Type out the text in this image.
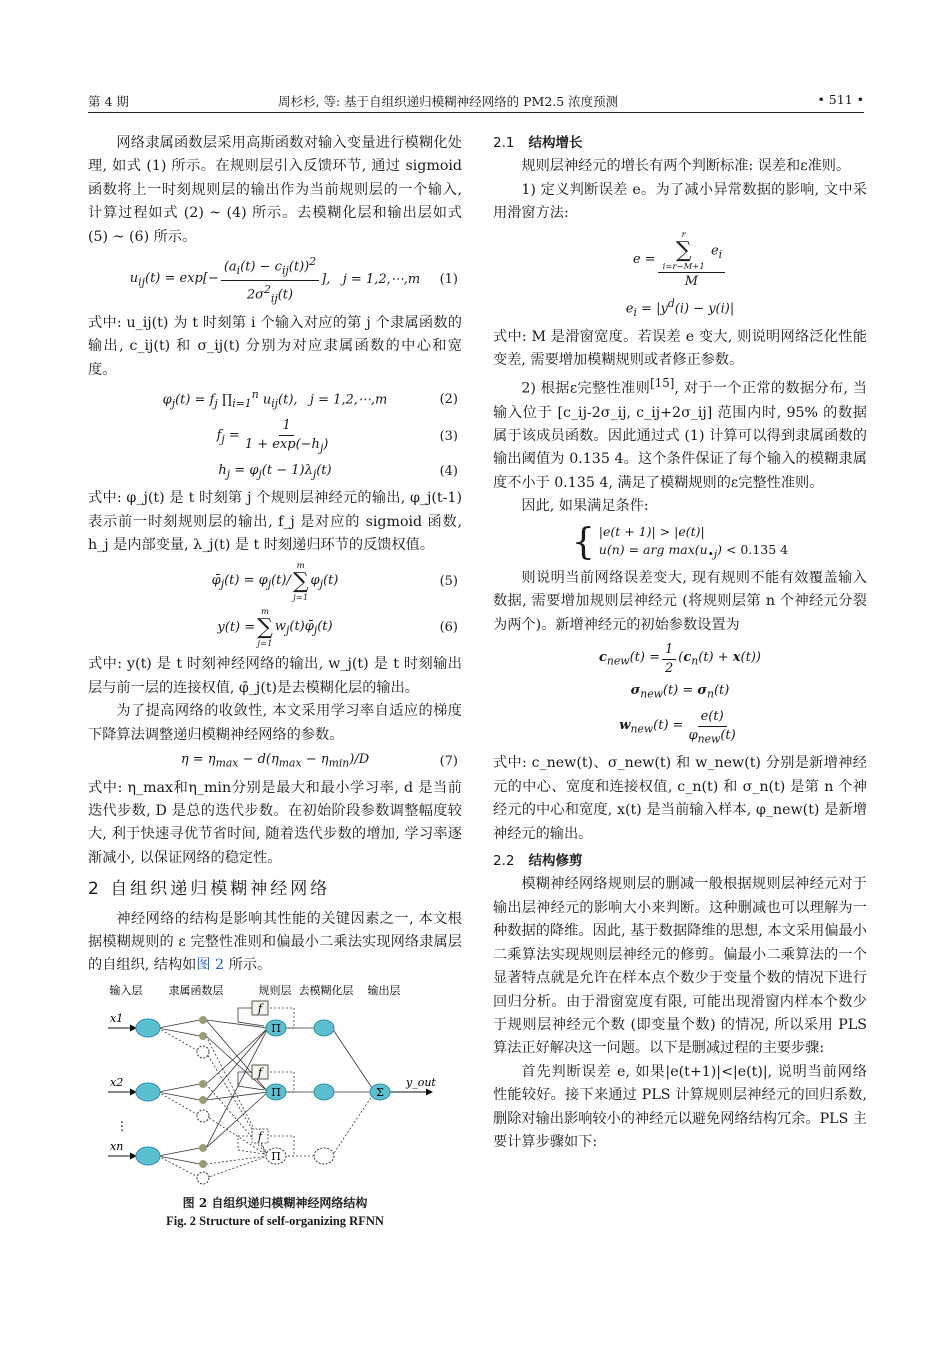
第 4 期	周杉杉, 等: 基于自组织递归模糊神经网络的 PM2.5 浓度预测	• 511 •

网络隶属函数层采用高斯函数对输入变量进行模糊化处理, 如式 (1) 所示。在规则层引入反馈环节, 通过 sigmoid 函数将上一时刻规则层的输出作为当前规则层的一个输入, 计算过程如式 (2) ~ (4) 所示。去模糊化层和输出层如式 (5) ~ (6) 所示。

$u_{ij}(t) = \exp[- \frac{(a_i(t) - c_{ij}(t))^2}{2\sigma^2_{ij}(t)}$ ],   j = 1,2,⋯,m (1)

式中: u_ij(t) 为 t 时刻第 i 个输入对应的第 j 个隶属函数的输出, c_ij(t) 和 σ_ij(t) 分别为对应隶属函数的中心和宽度。

$\varphi_j(t) = f_j$ $\prod_{i=1}^n$ $u_{ij}(t)$,   j = 1,2,⋯,m	(2)
$f_j = \frac{1}{1 + \exp(-h_j)}$	(3)
$h_j = \varphi_j(t - 1)\lambda_j(t)$	(4)

式中: φ_j(t) 是 t 时刻第 j 个规则层神经元的输出, φ_j(t-1) 表示前一时刻规则层的输出, f_j 是对应的 sigmoid 函数, h_j 是内部变量, λ_j(t) 是 t 时刻递归环节的反馈权值。

$\varphī_j(t) = \varphi_j(t)/$
m
∑
j=1
$\varphi_j(t)$	(5)
y(t) =
m
∑
j=1
$w_j(t)\varphī_j(t)$	(6)

式中: y(t) 是 t 时刻神经网络的输出, w_j(t) 是 t 时刻输出层与前一层的连接权值, φ̄_j(t)是去模糊化层的输出。

为了提高网络的收敛性, 本文采用学习率自适应的梯度下降算法调整递归模糊神经网络的参数。

$\eta = \eta_{max} - d(\eta_{max} - \eta_{min})/D$	(7)

式中: η_max和η_min分别是最大和最小学习率, d 是当前迭代步数, D 是总的迭代步数。在初始阶段参数调整幅度较大, 利于快速寻优节省时间, 随着迭代步数的增加, 学习率逐渐减小, 以保证网络的稳定性。

2 自组织递归模糊神经网络

神经网络的结构是影响其性能的关键因素之一, 本文根据模糊规则的 ε 完整性准则和偏最小二乘法实现网络隶属层的自组织, 结构如图 2 所示。

输入层 隶属函数层	规则层 去模糊化层 输出层
x1
x2
xn
⋮
y_out
f
f
f
Π
Π
Π
Σ
图 2 自组织递归模糊神经网络结构
Fig. 2 Structure of self-organizing RFNN
2.1 结构增长

规则层神经元的增长有两个判断标准: 误差和ε准则。

1) 定义判断误差 e。为了减小异常数据的影响, 文中采用滑窗方法:

e = r
∑
i=r−M+1
$e_i$
M
$e_i = |y^d(i) - y(i)|$

式中: M 是滑窗宽度。若误差 e 变大, 则说明网络泛化性能变差, 需要增加模糊规则或者修正参数。

2) 根据ε完整性准则[15], 对于一个正常的数据分布, 当输入位于 [c_ij-2σ_ij, c_ij+2σ_ij] 范围内时, 95% 的数据属于该成员函数。因此通过式 (1) 计算可以得到隶属函数的输出阈值为 0.135 4。这个条件保证了每个输入的模糊隶属度不小于 0.135 4, 满足了模糊规则的ε完整性准则。

因此, 如果满足条件:

{ |e(t + 1)| > |e(t)|
u(n) = arg $\max(u_{•j}) < 0.135$ 4

则说明当前网络误差变大, 现有规则不能有效覆盖输入数据, 需要增加规则层神经元 (将规则层第 n 个神经元分裂为两个)。新增神经元的初始参数设置为

$c_{new}(t) = \frac{1}{2} (c_n(t) + x(t))$
$\sigma_{new}(t) = \sigma_n(t)$
$w_{new}(t) = \frac{e(t)}{\varphi_{new}(t)}$

式中: c_new(t)、σ_new(t) 和 w_new(t) 分别是新增神经元的中心、宽度和连接权值, c_n(t) 和 σ_n(t) 是第 n 个神经元的中心和宽度, x(t) 是当前输入样本, φ_new(t) 是新增神经元的输出。

2.2 结构修剪

模糊神经网络规则层的删减一般根据规则层神经元对于输出层神经元的影响大小来判断。这种删减也可以理解为一种数据的降维。因此, 基于数据降维的思想, 本文采用偏最小二乘算法实现规则层神经元的修剪。偏最小二乘算法的一个显著特点就是允许在样本点个数少于变量个数的情况下进行回归分析。由于滑窗宽度有限, 可能出现滑窗内样本个数少于规则层神经元个数 (即变量个数) 的情况, 所以采用 PLS 算法正好解决这一问题。以下是删减过程的主要步骤:

首先判断误差 e, 如果|e(t+1)|<|e(t)|, 说明当前网络性能较好。接下来通过 PLS 计算规则层神经元的回归系数, 删除对输出影响较小的神经元以避免网络结构冗余。PLS 主要计算步骤如下:
